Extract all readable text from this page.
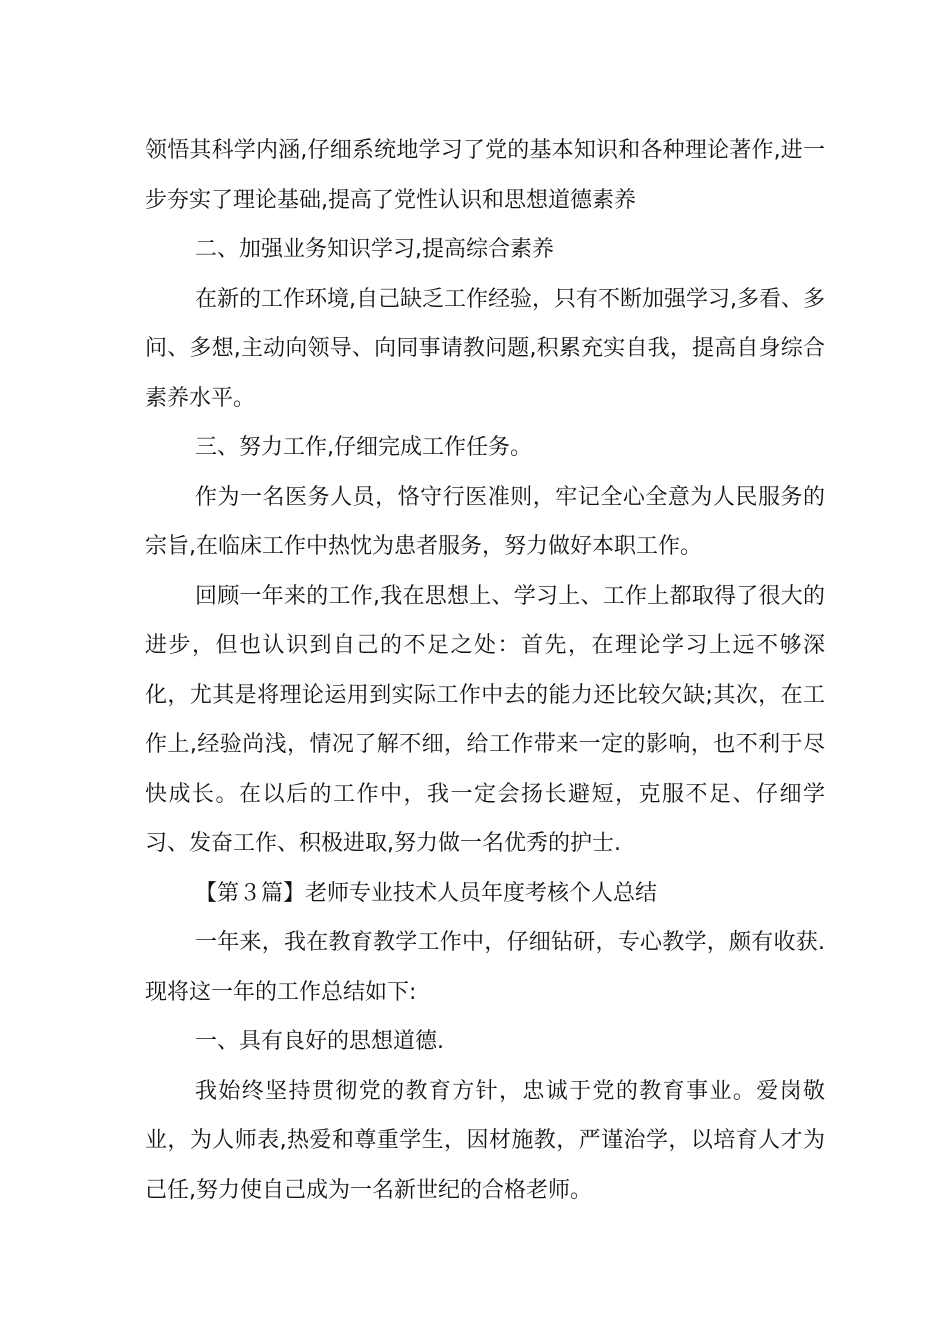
领悟其科学内涵,仔细系统地学习了党的基本知识和各种理论著作,进一步夯实了理论基础,提高了党性认识和思想道德素养

二、加强业务知识学习,提高综合素养

在新的工作环境,自己缺乏工作经验，只有不断加强学习,多看、多问、多想,主动向领导、向同事请教问题,积累充实自我，提高自身综合素养水平。

三、努力工作,仔细完成工作任务。

作为一名医务人员，恪守行医准则，牢记全心全意为人民服务的宗旨,在临床工作中热忱为患者服务，努力做好本职工作。

回顾一年来的工作,我在思想上、学习上、工作上都取得了很大的进步，但也认识到自己的不足之处：首先，在理论学习上远不够深化，尤其是将理论运用到实际工作中去的能力还比较欠缺;其次，在工作上,经验尚浅，情况了解不细，给工作带来一定的影响，也不利于尽快成长。在以后的工作中，我一定会扬长避短，克服不足、仔细学习、发奋工作、积极进取,努力做一名优秀的护士.

【第３篇】老师专业技术人员年度考核个人总结

一年来，我在教育教学工作中，仔细钻研，专心教学，颇有收获.现将这一年的工作总结如下:

一、具有良好的思想道德.

我始终坚持贯彻党的教育方针，忠诚于党的教育事业。爱岗敬业，为人师表,热爱和尊重学生，因材施教，严谨治学，以培育人才为己任,努力使自己成为一名新世纪的合格老师。
